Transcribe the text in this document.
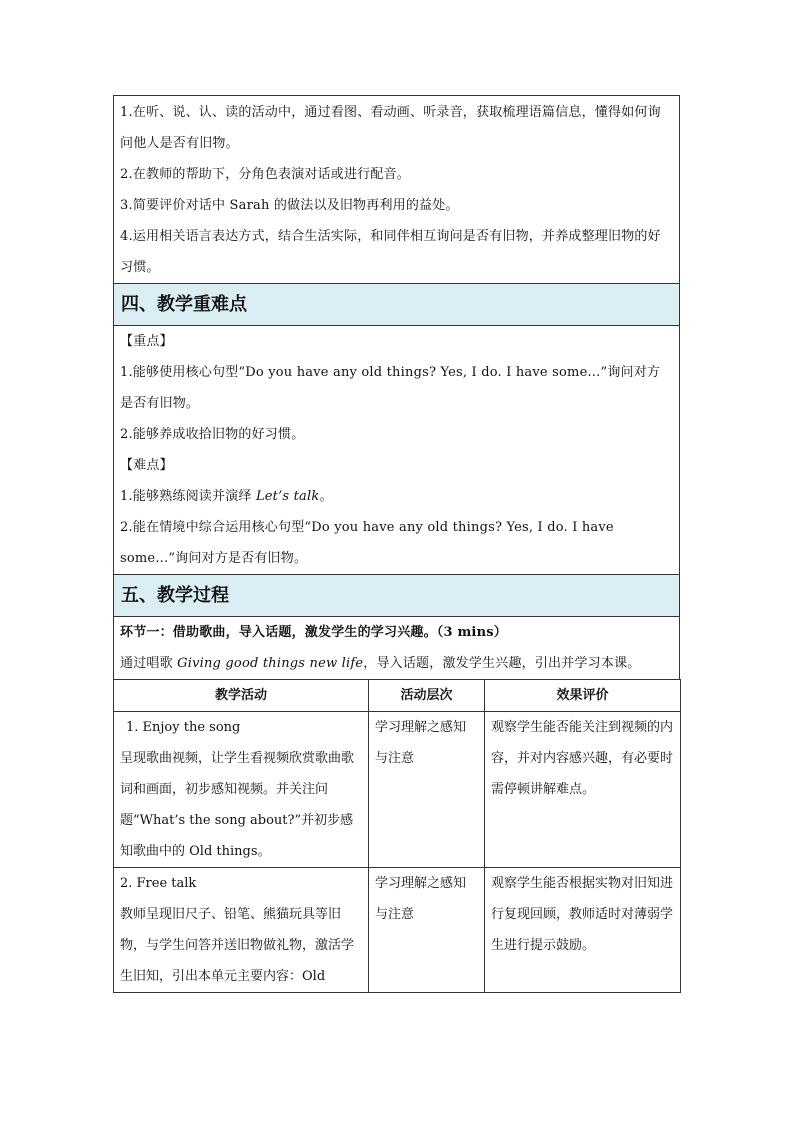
1.在听、说、认、读的活动中，通过看图、看动画、听录音，获取梳理语篇信息，懂得如何询问他人是否有旧物。
2.在教师的帮助下，分角色表演对话或进行配音。
3.简要评价对话中 Sarah 的做法以及旧物再利用的益处。
4.运用相关语言表达方式，结合生活实际，和同伴相互询问是否有旧物，并养成整理旧物的好习惯。
四、教学重难点
【重点】
1.能够使用核心句型“Do you have any old things? Yes, I do. I have some...”询问对方是否有旧物。
2.能够养成收拾旧物的好习惯。
【难点】
1.能够熟练阅读并演绎 Let’s talk。
2.能在情境中综合运用核心句型“Do you have any old things? Yes, I do. I have some...”询问对方是否有旧物。
五、教学过程
环节一：借助歌曲，导入话题，激发学生的学习兴趣。（3 mins）
通过唱歌 Giving good things new life，导入话题，激发学生兴趣，引出并学习本课。
教学活动	活动层次	效果评价

1. Enjoy the song
呈现歌曲视频，让学生看视频欣赏歌曲歌词和画面，初步感知视频。并关注问题“What’s the song about?”并初步感知歌曲中的 Old things。	学习理解之感知与注意	观察学生能否能关注到视频的内容，并对内容感兴趣，有必要时需停顿讲解难点。

2. Free talk
教师呈现旧尺子、铅笔、熊猫玩具等旧物，与学生问答并送旧物做礼物，激活学生旧知，引出本单元主要内容：Old	学习理解之感知与注意	观察学生能否根据实物对旧知进行复现回顾，教师适时对薄弱学生进行提示鼓励。
